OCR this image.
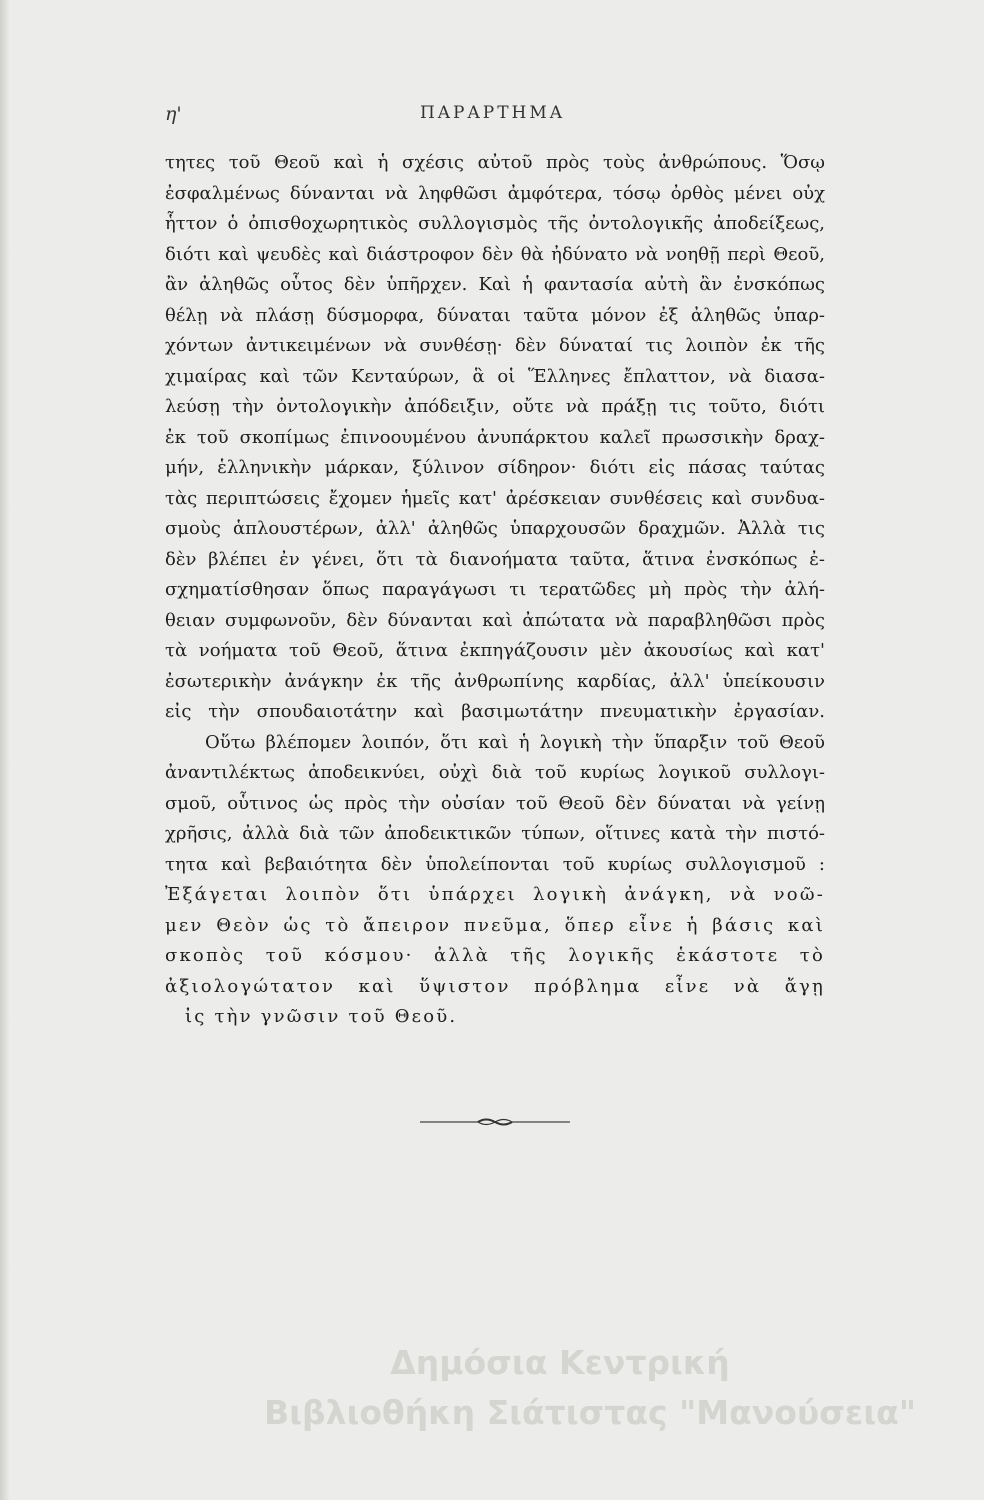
η'	ΠΑΡΑΡΤΗΜΑ
τητες τοῦ Θεοῦ καὶ ἡ σχέσις αὐτοῦ πρὸς τοὺς ἀνθρώπους. Ὅσῳ
ἐσφαλμένως δύνανται νὰ ληφθῶσι ἀμφότερα, τόσῳ ὀρθὸς μένει οὐχ
ἧττον ὁ ὀπισθοχωρητικὸς συλλογισμὸς τῆς ὀντολογικῆς ἀποδείξεως,
διότι καὶ ψευδὲς καὶ διάστροφον δὲν θὰ ἠδύνατο νὰ νοηθῇ περὶ Θεοῦ,
ἂν ἀληθῶς οὗτος δὲν ὑπῆρχεν. Καὶ ἡ φαντασία αὐτὴ ἂν ἐνσκόπως
θέλῃ νὰ πλάσῃ δύσμορφα, δύναται ταῦτα μόνον ἐξ ἀληθῶς ὑπαρ-
χόντων ἀντικειμένων νὰ συνθέσῃ· δὲν δύναταί τις λοιπὸν ἐκ τῆς
χιμαίρας καὶ τῶν Κενταύρων, ἃ οἱ Ἕλληνες ἔπλαττον, νὰ διασα-
λεύσῃ τὴν ὀντολογικὴν ἀπόδειξιν, οὔτε νὰ πράξῃ τις τοῦτο, διότι
ἐκ τοῦ σκοπίμως ἐπινοουμένου ἀνυπάρκτου καλεῖ πρωσσικὴν δραχ-
μήν, ἑλληνικὴν μάρκαν, ξύλινον σίδηρον· διότι εἰς πάσας ταύτας
τὰς περιπτώσεις ἔχομεν ἡμεῖς κατ' ἀρέσκειαν συνθέσεις καὶ συνδυα-
σμοὺς ἁπλουστέρων, ἀλλ' ἀληθῶς ὑπαρχουσῶν δραχμῶν. Ἀλλὰ τις
δὲν βλέπει ἐν γένει, ὅτι τὰ διανοήματα ταῦτα, ἅτινα ἐνσκόπως ἐ-
σχηματίσθησαν ὅπως παραγάγωσι τι τερατῶδες μὴ πρὸς τὴν ἀλή-
θειαν συμφωνοῦν, δὲν δύνανται καὶ ἀπώτατα νὰ παραβληθῶσι πρὸς
τὰ νοήματα τοῦ Θεοῦ, ἅτινα ἐκπηγάζουσιν μὲν ἀκουσίως καὶ κατ'
ἐσωτερικὴν ἀνάγκην ἐκ τῆς ἀνθρωπίνης καρδίας, ἀλλ' ὑπείκουσιν
εἰς τὴν σπουδαιοτάτην καὶ βασιμωτάτην πνευματικὴν ἐργασίαν.
Οὕτω βλέπομεν λοιπόν, ὅτι καὶ ἡ λογικὴ τὴν ὕπαρξιν τοῦ Θεοῦ
ἀναντιλέκτως ἀποδεικνύει, οὐχὶ διὰ τοῦ κυρίως λογικοῦ συλλογι-
σμοῦ, οὗτινος ὡς πρὸς τὴν οὐσίαν τοῦ Θεοῦ δὲν δύναται νὰ γείνῃ
χρῆσις, ἀλλὰ διὰ τῶν ἀποδεικτικῶν τύπων, οἵτινες κατὰ τὴν πιστό-
τητα καὶ βεβαιότητα δὲν ὑπολείπονται τοῦ κυρίως συλλογισμοῦ :
Ἐξάγεται λοιπὸν ὅτι ὑπάρχει λογικὴ ἀνάγκη, νὰ νοῶ-
μεν Θεὸν ὡς τὸ ἄπειρον πνεῦμα, ὅπερ εἶνε ἡ βάσις καὶ
σκοπὸς τοῦ κόσμου· ἀλλὰ τῆς λογικῆς ἑκάστοτε τὸ
ἀξιολογώτατον καὶ ὕψιστον πρόβλημα εἶνε νὰ ἄγῃ
ἰς τὴν γνῶσιν τοῦ Θεοῦ.
Δημόσια Κεντρική
Βιβλιοθήκη Σιάτιστας "Μανούσεια"
